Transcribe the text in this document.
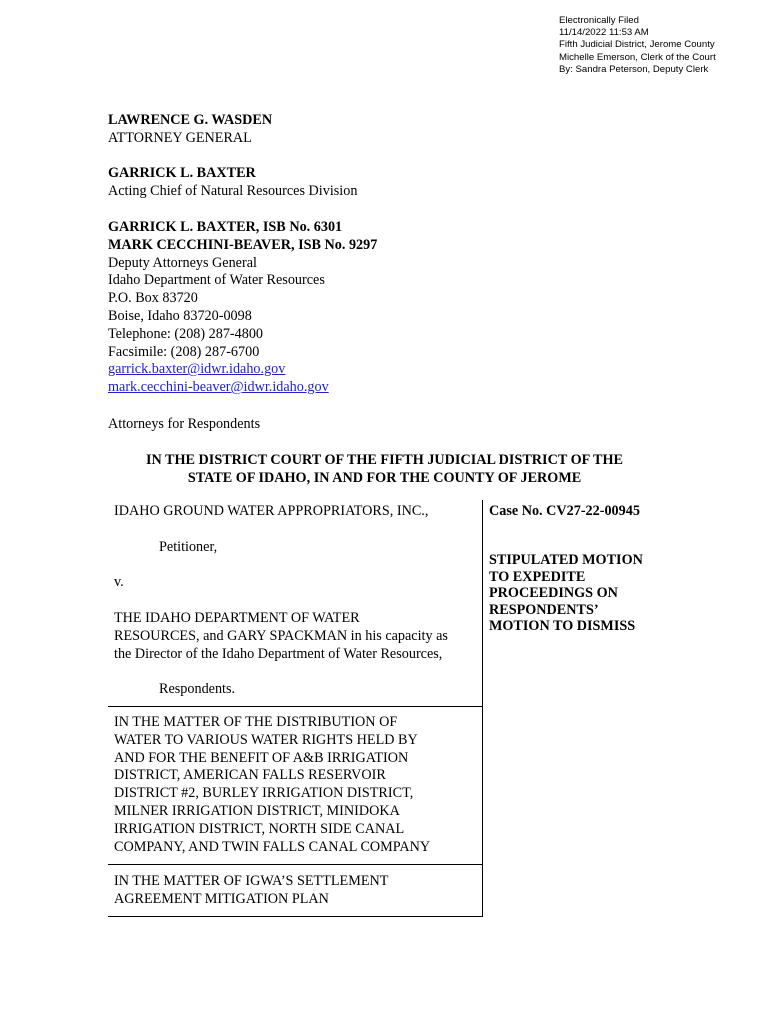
Electronically Filed
11/14/2022 11:53 AM
Fifth Judicial District, Jerome County
Michelle Emerson, Clerk of the Court
By: Sandra Peterson, Deputy Clerk
LAWRENCE G. WASDEN
ATTORNEY GENERAL
GARRICK L. BAXTER
Acting Chief of Natural Resources Division
GARRICK L. BAXTER, ISB No. 6301
MARK CECCHINI-BEAVER, ISB No. 9297
Deputy Attorneys General
Idaho Department of Water Resources
P.O. Box 83720
Boise, Idaho 83720-0098
Telephone: (208) 287-4800
Facsimile: (208) 287-6700
garrick.baxter@idwr.idaho.gov
mark.cecchini-beaver@idwr.idaho.gov
Attorneys for Respondents
IN THE DISTRICT COURT OF THE FIFTH JUDICIAL DISTRICT OF THE
STATE OF IDAHO, IN AND FOR THE COUNTY OF JEROME
IDAHO GROUND WATER APPROPRIATORS, INC.,
Petitioner,
v.
THE IDAHO DEPARTMENT OF WATER
RESOURCES, and GARY SPACKMAN in his capacity as
the Director of the Idaho Department of Water Resources,
Respondents.
IN THE MATTER OF THE DISTRIBUTION OF
WATER TO VARIOUS WATER RIGHTS HELD BY
AND FOR THE BENEFIT OF A&B IRRIGATION
DISTRICT, AMERICAN FALLS RESERVOIR
DISTRICT #2, BURLEY IRRIGATION DISTRICT,
MILNER IRRIGATION DISTRICT, MINIDOKA
IRRIGATION DISTRICT, NORTH SIDE CANAL
COMPANY, AND TWIN FALLS CANAL COMPANY
IN THE MATTER OF IGWA’S SETTLEMENT
AGREEMENT MITIGATION PLAN
Case No. CV27-22-00945
STIPULATED MOTION
TO EXPEDITE
PROCEEDINGS ON
RESPONDENTS’
MOTION TO DISMISS
